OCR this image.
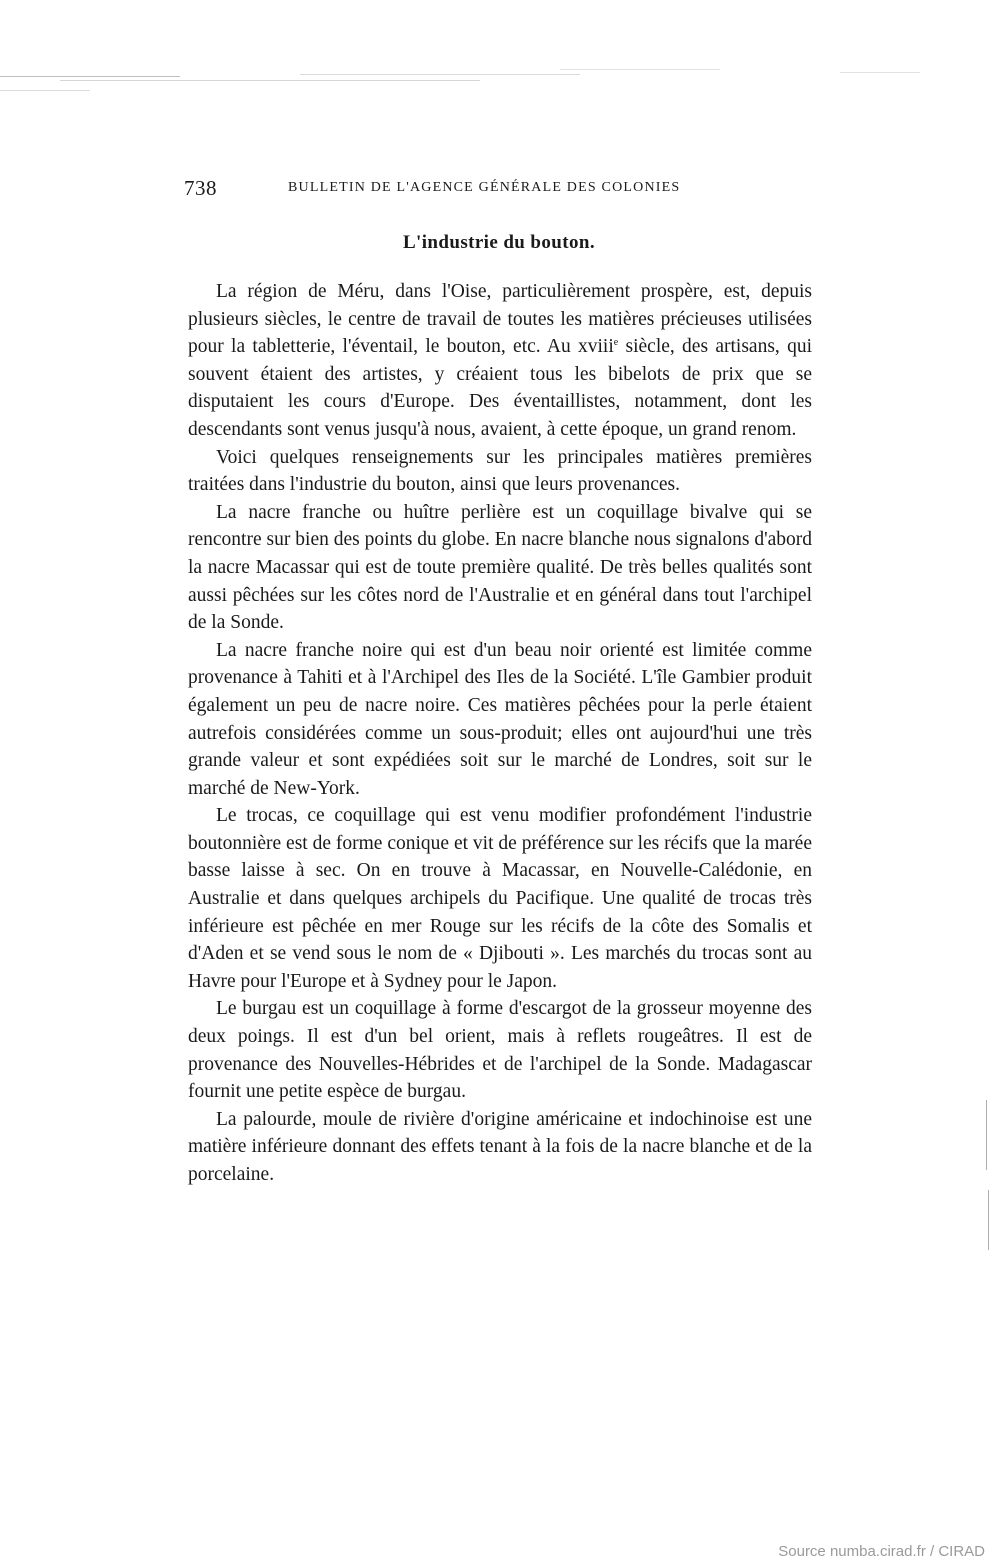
738	BULLETIN DE L'AGENCE GÉNÉRALE DES COLONIES
L'industrie du bouton.

La région de Méru, dans l'Oise, particulièrement prospère, est, depuis plusieurs siècles, le centre de travail de toutes les matières précieuses utilisées pour la tabletterie, l'éventail, le bouton, etc. Au xviii$^e$ siècle, des artisans, qui souvent étaient des artistes, y créaient tous les bibelots de prix que se disputaient les cours d'Europe. Des éventaillistes, notamment, dont les descendants sont venus jusqu'à nous, avaient, à cette époque, un grand renom.

Voici quelques renseignements sur les principales matières premières traitées dans l'industrie du bouton, ainsi que leurs provenances.

La nacre franche ou huître perlière est un coquillage bivalve qui se rencontre sur bien des points du globe. En nacre blanche nous signalons d'abord la nacre Macassar qui est de toute première qualité. De très belles qualités sont aussi pêchées sur les côtes nord de l'Australie et en général dans tout l'archipel de la Sonde.

La nacre franche noire qui est d'un beau noir orienté est limitée comme provenance à Tahiti et à l'Archipel des Iles de la Société. L'île Gambier produit également un peu de nacre noire. Ces matières pêchées pour la perle étaient autrefois considérées comme un sous-produit; elles ont aujourd'hui une très grande valeur et sont expédiées soit sur le marché de Londres, soit sur le marché de New-York.

Le trocas, ce coquillage qui est venu modifier profondément l'industrie boutonnière est de forme conique et vit de préférence sur les récifs que la marée basse laisse à sec. On en trouve à Macassar, en Nouvelle-Calédonie, en Australie et dans quelques archipels du Pacifique. Une qualité de trocas très inférieure est pêchée en mer Rouge sur les récifs de la côte des Somalis et d'Aden et se vend sous le nom de « Djibouti ». Les marchés du trocas sont au Havre pour l'Europe et à Sydney pour le Japon.

Le burgau est un coquillage à forme d'escargot de la grosseur moyenne des deux poings. Il est d'un bel orient, mais à reflets rougeâtres. Il est de provenance des Nouvelles-Hébrides et de l'archipel de la Sonde. Madagascar fournit une petite espèce de burgau.

La palourde, moule de rivière d'origine américaine et indochinoise est une matière inférieure donnant des effets tenant à la fois de la nacre blanche et de la porcelaine.

Source numba.cirad.fr / CIRAD
